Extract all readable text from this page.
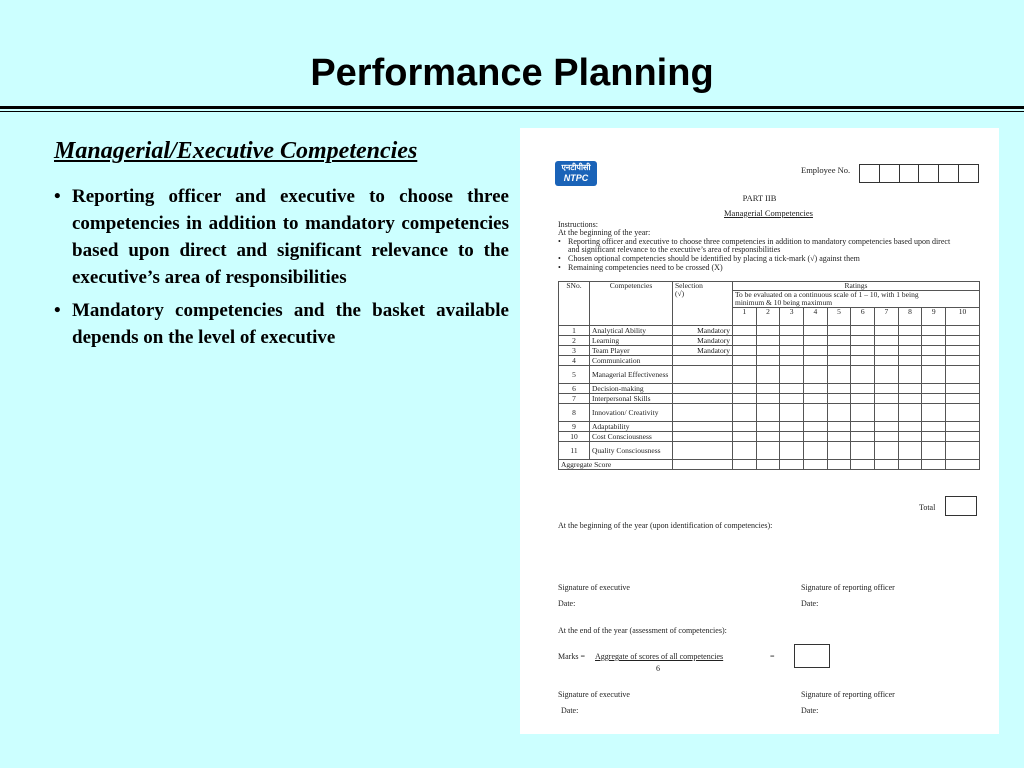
Performance Planning
Managerial/Executive Competencies
• Reporting officer and executive to choose three competencies in addition to mandatory competencies based upon direct and significant relevance to the executive’s area of responsibilities
• Mandatory competencies and the basket available depends on the level of executive
एनटीपीसी
NTPC
Employee No.
PART IIB
Managerial Competencies
Instructions:
At the beginning of the year:
• Reporting officer and executive to choose three competencies in addition to mandatory competencies based upon direct
and significant relevance to the executive’s area of responsibilities
• Chosen optional competencies should be identified by placing a tick-mark (√) against them
• Remaining competencies need to be crossed (X)
SNo.	Competencies	Selection
(√)	Ratings									
			To be evaluated on a continuous scale of 1 – 10, with 1 being
minimum & 10 being maximum									
			1	2	3	4	5	6	7	8	9	10
1	Analytical Ability	Mandatory										
2	Learning	Mandatory										
3	Team Player	Mandatory										
4	Communication											
5	Managerial Effectiveness											
6	Decision-making											
7	Interpersonal Skills											
8	Innovation/ Creativity											
9	Adaptability											
10	Cost Consciousness											
11	Quality Consciousness											
Aggregate Score												
Total
At the beginning of the year (upon identification of competencies):
Signature of executive	Signature of reporting officer
Date:	Date:
At the end of the year (assessment of competencies):
Marks = Aggregate of scores of all competencies	=
6
Signature of executive	Signature of reporting officer
Date:	Date:
